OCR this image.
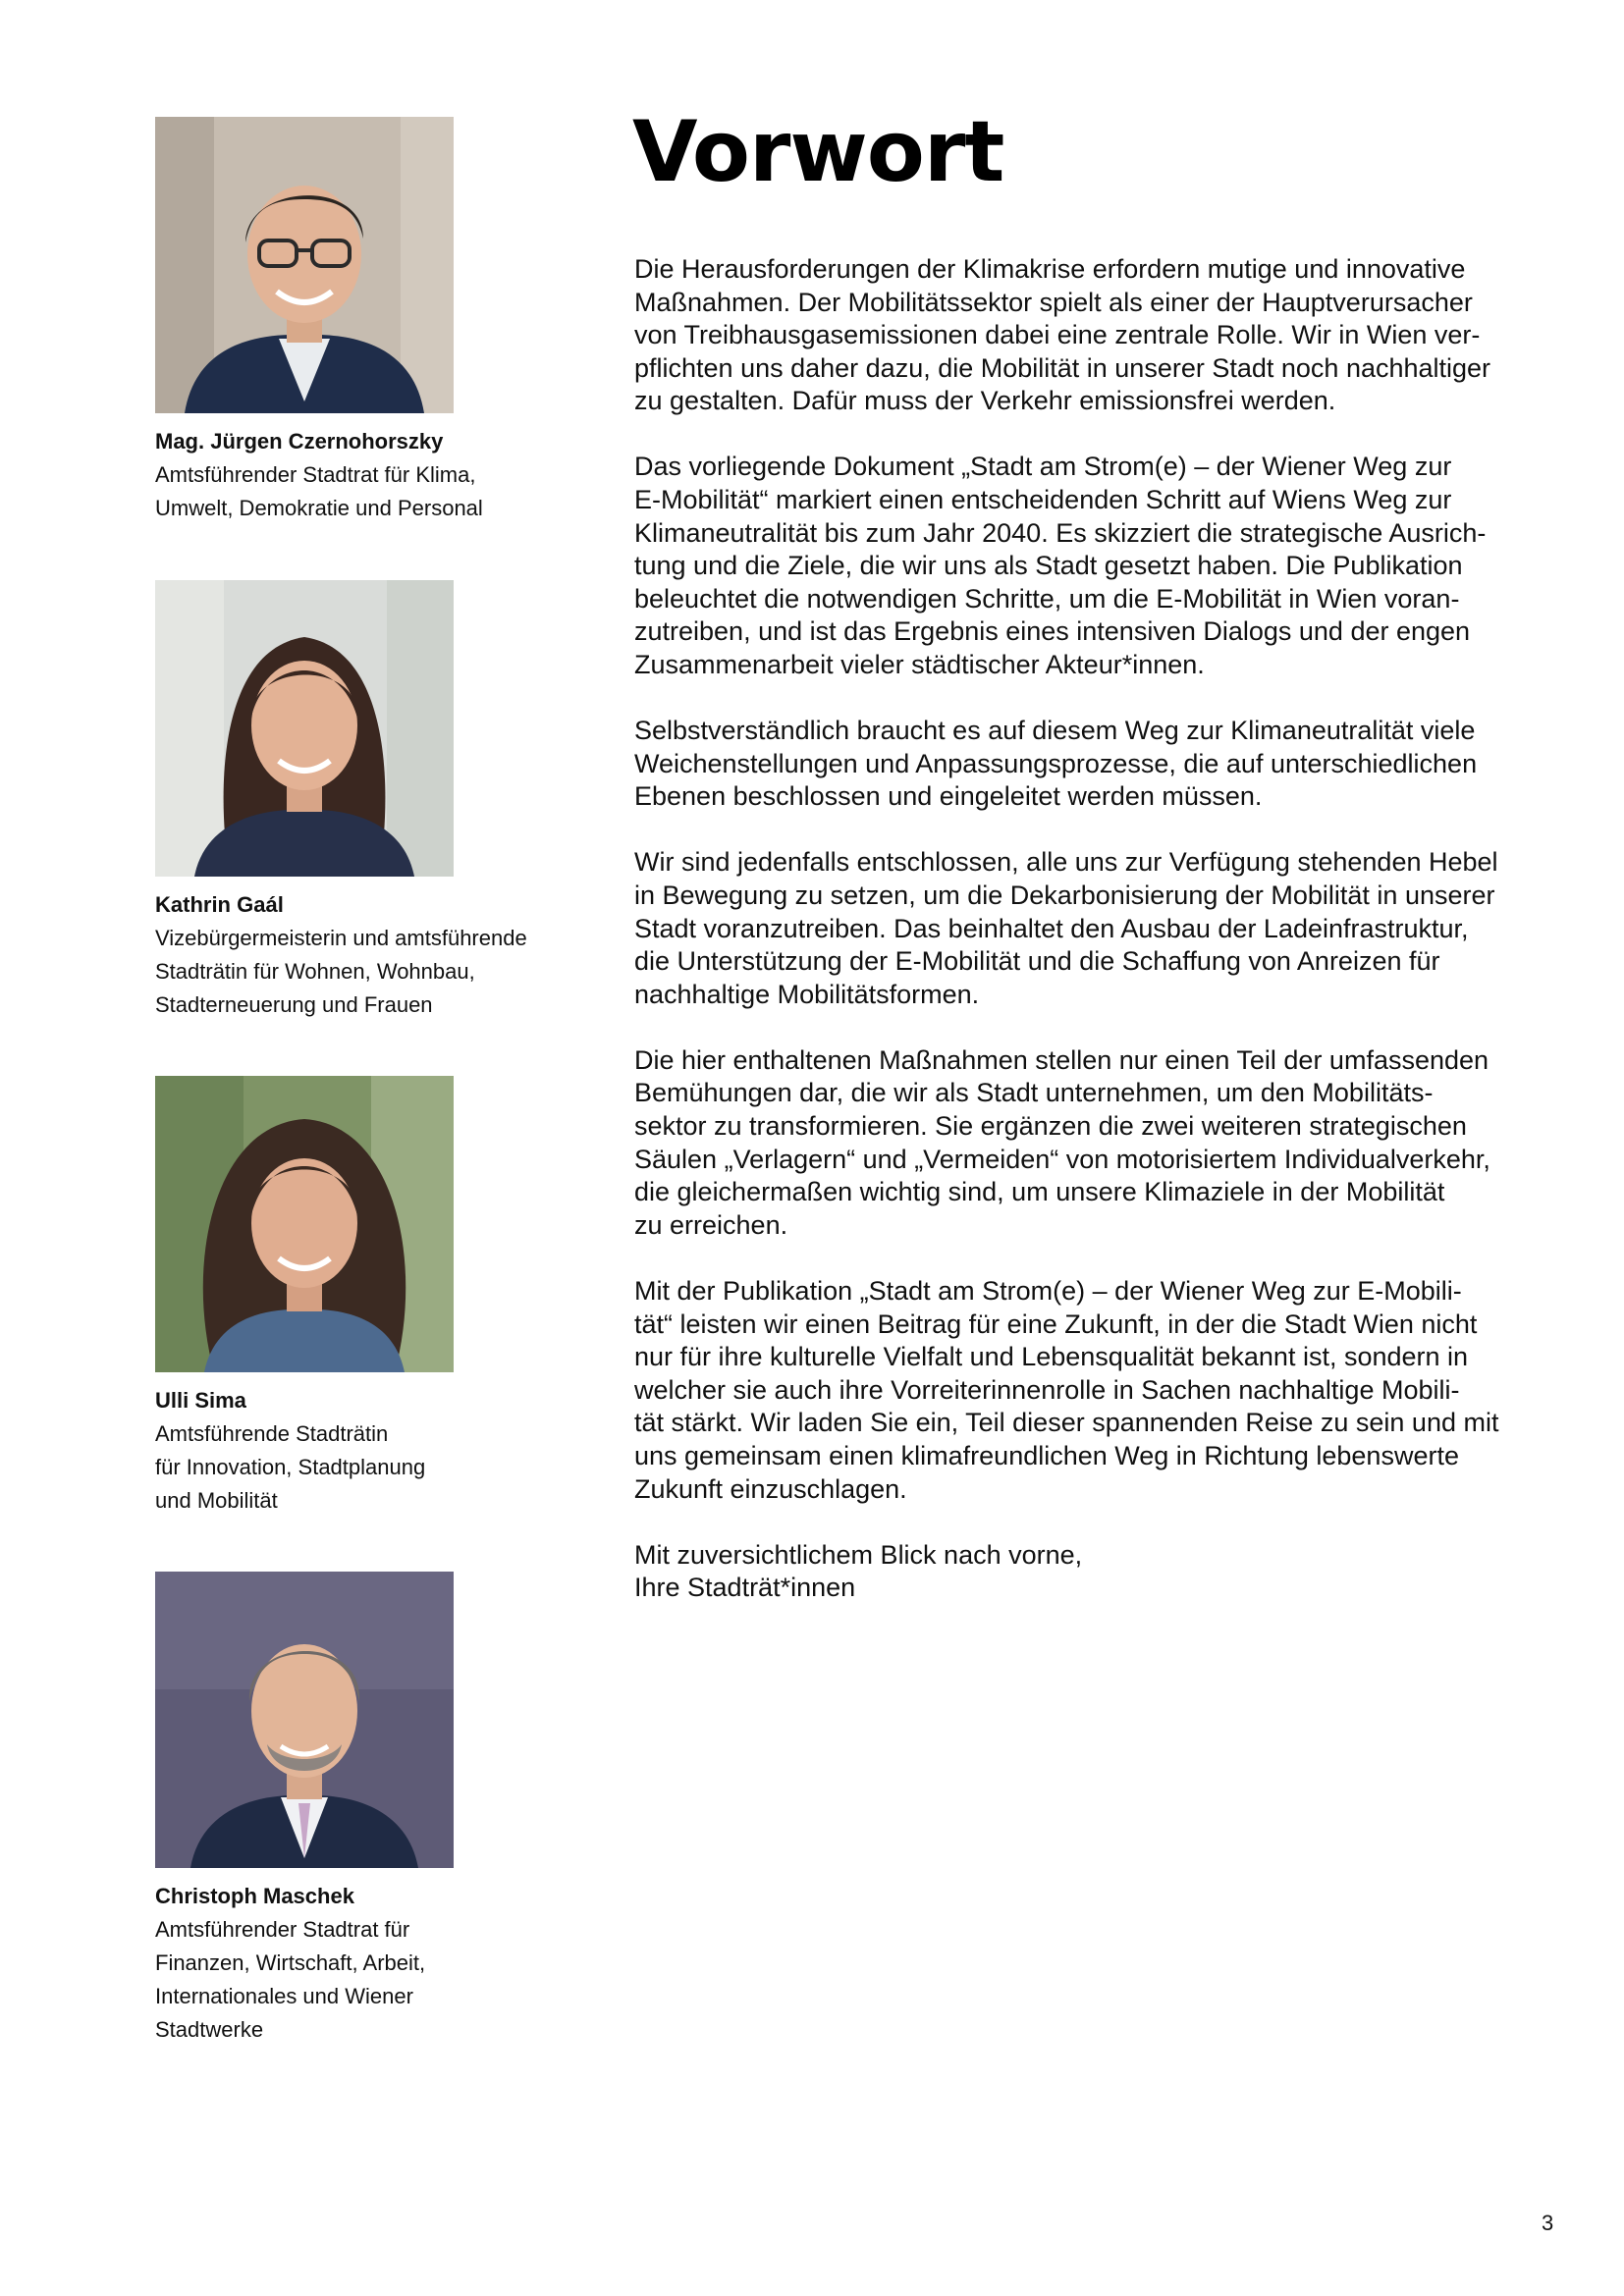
Mag. Jürgen Czernohorszky
Amtsführender Stadtrat für Klima,
Umwelt, Demokratie und Personal
Kathrin Gaál
Vizebürgermeisterin und amtsführende
Stadträtin für Wohnen, Wohnbau,
Stadterneuerung und Frauen
Ulli Sima
Amtsführende Stadträtin
für Innovation, Stadtplanung
und Mobilität
Christoph Maschek
Amtsführender Stadtrat für
Finanzen, Wirtschaft, Arbeit,
Internationales und Wiener
Stadtwerke
Vorwort

Die Herausforderungen der Klimakrise erfordern mutige und innovative
Maßnahmen. Der Mobilitätssektor spielt als einer der Hauptverursacher
von Treibhausgasemissionen dabei eine zentrale Rolle. Wir in Wien ver-
pflichten uns daher dazu, die Mobilität in unserer Stadt noch nachhaltiger
zu gestalten. Dafür muss der Verkehr emissionsfrei werden.

Das vorliegende Dokument „Stadt am Strom(e) – der Wiener Weg zur
E-Mobilität“ markiert einen entscheidenden Schritt auf Wiens Weg zur
Klimaneutralität bis zum Jahr 2040. Es skizziert die strategische Ausrich-
tung und die Ziele, die wir uns als Stadt gesetzt haben. Die Publikation
beleuchtet die notwendigen Schritte, um die E-Mobilität in Wien voran-
zutreiben, und ist das Ergebnis eines intensiven Dialogs und der engen
Zusammenarbeit vieler städtischer Akteur*innen.

Selbstverständlich braucht es auf diesem Weg zur Klimaneutralität viele
Weichenstellungen und Anpassungsprozesse, die auf unterschiedlichen
Ebenen beschlossen und eingeleitet werden müssen.

Wir sind jedenfalls entschlossen, alle uns zur Verfügung stehenden Hebel
in Bewegung zu setzen, um die Dekarbonisierung der Mobilität in unserer
Stadt voranzutreiben. Das beinhaltet den Ausbau der Ladeinfrastruktur,
die Unterstützung der E-Mobilität und die Schaffung von Anreizen für
nachhaltige Mobilitätsformen.

Die hier enthaltenen Maßnahmen stellen nur einen Teil der umfassenden
Bemühungen dar, die wir als Stadt unternehmen, um den Mobilitäts-
sektor zu transformieren. Sie ergänzen die zwei weiteren strategischen
Säulen „Verlagern“ und „Vermeiden“ von motorisiertem Individualverkehr,
die gleichermaßen wichtig sind, um unsere Klimaziele in der Mobilität
zu erreichen.

Mit der Publikation „Stadt am Strom(e) – der Wiener Weg zur E-Mobili-
tät“ leisten wir einen Beitrag für eine Zukunft, in der die Stadt Wien nicht
nur für ihre kulturelle Vielfalt und Lebensqualität bekannt ist, sondern in
welcher sie auch ihre Vorreiterinnenrolle in Sachen nachhaltige Mobili-
tät stärkt. Wir laden Sie ein, Teil dieser spannenden Reise zu sein und mit
uns gemeinsam einen klimafreundlichen Weg in Richtung lebenswerte
Zukunft einzuschlagen.

Mit zuversichtlichem Blick nach vorne,
Ihre Stadträt*innen

3
